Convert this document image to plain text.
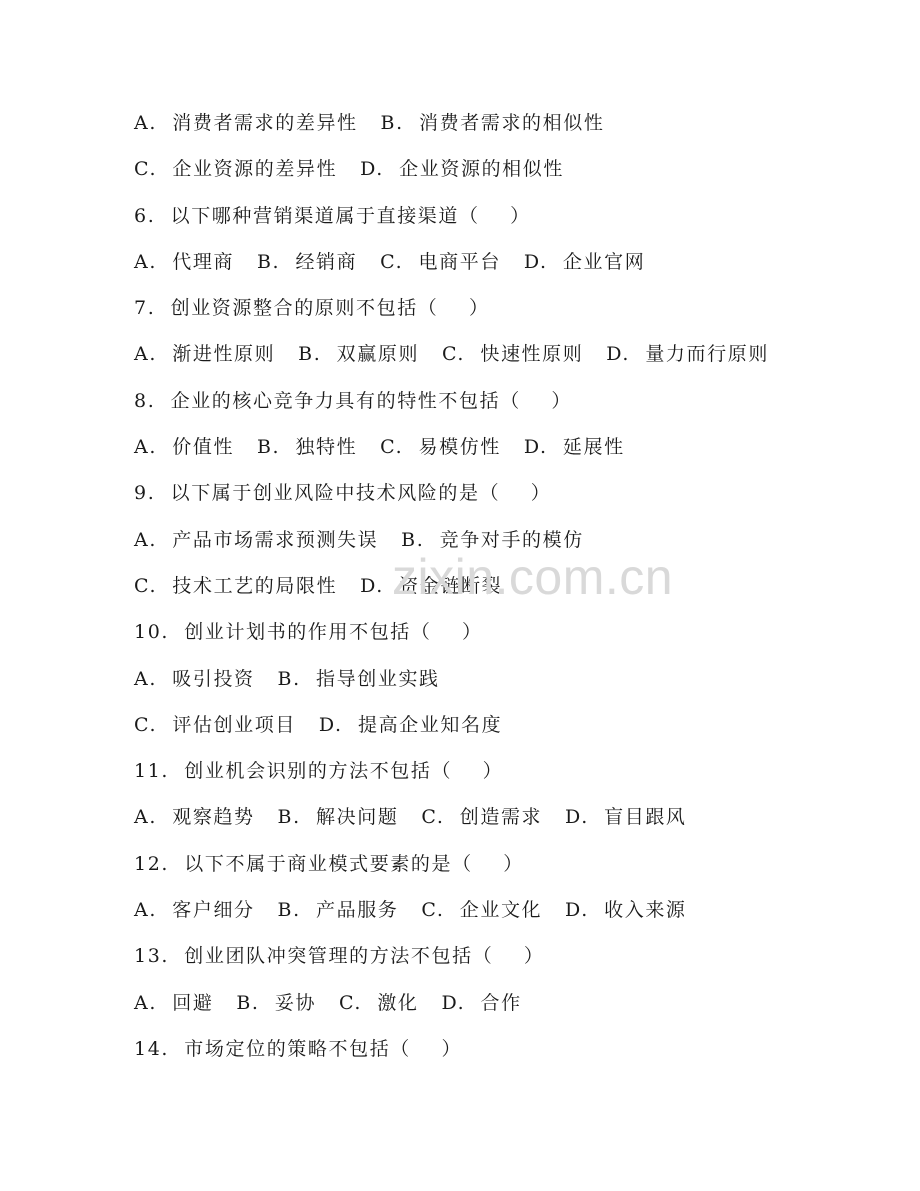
A.  消费者需求的差异性   B.  消费者需求的相似性
C.  企业资源的差异性   D.  企业资源的相似性
6.  以下哪种营销渠道属于直接渠道（    ）
A.  代理商   B.  经销商   C.  电商平台   D.  企业官网
7.  创业资源整合的原则不包括（    ）
A.  渐进性原则   B.  双赢原则   C.  快速性原则   D.  量力而行原则
8.  企业的核心竞争力具有的特性不包括（    ）
A.  价值性   B.  独特性   C.  易模仿性   D.  延展性
9.  以下属于创业风险中技术风险的是（    ）
A.  产品市场需求预测失误   B.  竞争对手的模仿
C.  技术工艺的局限性   D.  资金链断裂
10.  创业计划书的作用不包括（    ）
A.  吸引投资   B.  指导创业实践
C.  评估创业项目   D.  提高企业知名度
11.  创业机会识别的方法不包括（    ）
A.  观察趋势   B.  解决问题   C.  创造需求   D.  盲目跟风
12.  以下不属于商业模式要素的是（    ）
A.  客户细分   B.  产品服务   C.  企业文化   D.  收入来源
13.  创业团队冲突管理的方法不包括（    ）
A.  回避   B.  妥协   C.  激化   D.  合作
14.  市场定位的策略不包括（    ）
zixin.com.cn
